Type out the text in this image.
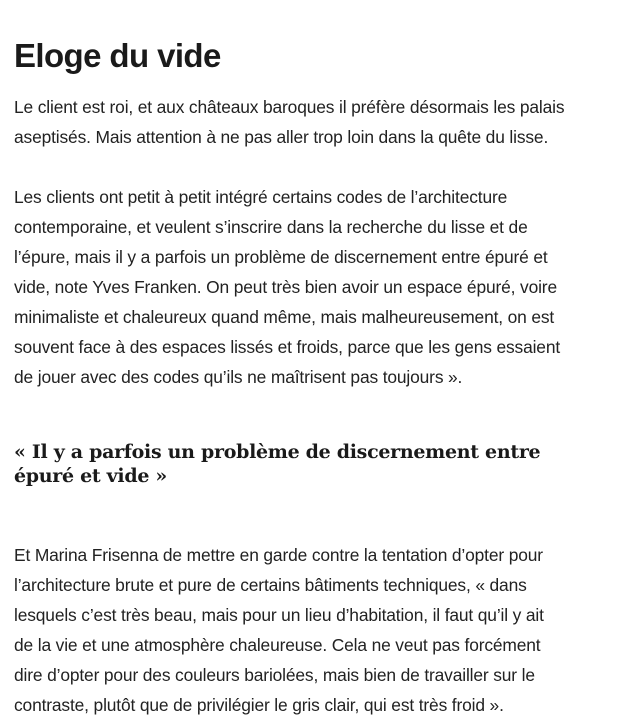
Eloge du vide

Le client est roi, et aux châteaux baroques il préfère désormais les palais
aseptisés. Mais attention à ne pas aller trop loin dans la quête du lisse.

Les clients ont petit à petit intégré certains codes de l’architecture
contemporaine, et veulent s’inscrire dans la recherche du lisse et de
l’épure, mais il y a parfois un problème de discernement entre épuré et
vide, note Yves Franken. On peut très bien avoir un espace épuré, voire
minimaliste et chaleureux quand même, mais malheureusement, on est
souvent face à des espaces lissés et froids, parce que les gens essaient
de jouer avec des codes qu’ils ne maîtrisent pas toujours ».

« Il y a parfois un problème de discernement entre
épuré et vide »

Et Marina Frisenna de mettre en garde contre la tentation d’opter pour
l’architecture brute et pure de certains bâtiments techniques, « dans
lesquels c’est très beau, mais pour un lieu d’habitation, il faut qu’il y ait
de la vie et une atmosphère chaleureuse. Cela ne veut pas forcément
dire d’opter pour des couleurs bariolées, mais bien de travailler sur le
contraste, plutôt que de privilégier le gris clair, qui est très froid ».
